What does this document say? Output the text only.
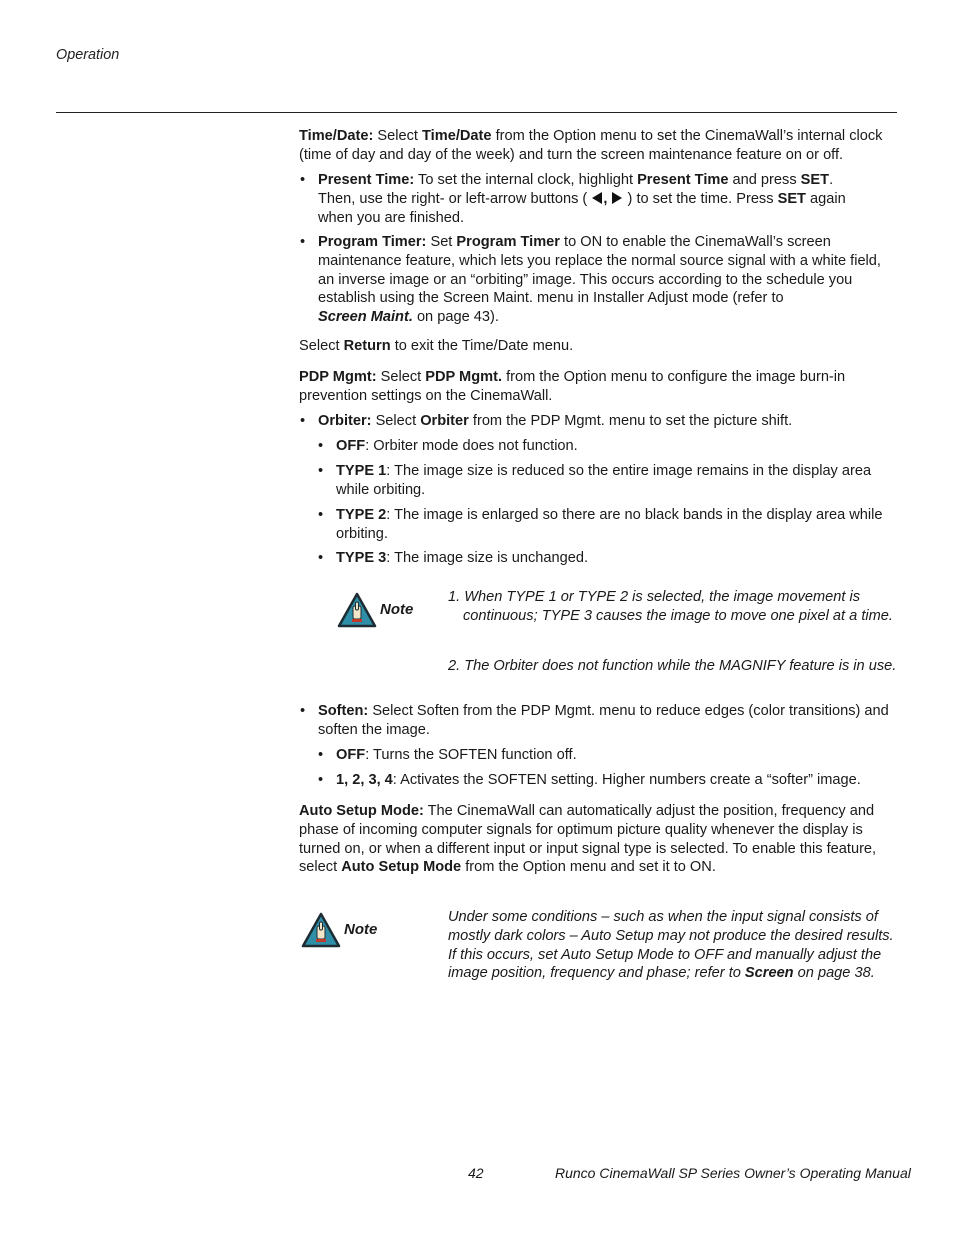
Operation
Time/Date: Select Time/Date from the Option menu to set the CinemaWall’s internal clock (time of day and day of the week) and turn the screen maintenance feature on or off.
• Present Time: To set the internal clock, highlight Present Time and press SET.
Then, use the right- or left-arrow buttons ( ,  ) to set the time. Press SET again
when you are finished.
• Program Timer: Set Program Timer to ON to enable the CinemaWall’s screen maintenance feature, which lets you replace the normal source signal with a white field, an inverse image or an “orbiting” image. This occurs according to the schedule you establish using the Screen Maint. menu in Installer Adjust mode (refer to
Screen Maint. on page 43).
Select Return to exit the Time/Date menu.
PDP Mgmt: Select PDP Mgmt. from the Option menu to configure the image burn-in prevention settings on the CinemaWall.
• Orbiter: Select Orbiter from the PDP Mgmt. menu to set the picture shift.
• OFF: Orbiter mode does not function.
• TYPE 1: The image size is reduced so the entire image remains in the display area while orbiting.
• TYPE 2: The image is enlarged so there are no black bands in the display area while orbiting.
• TYPE 3: The image size is unchanged.
Note
1. When TYPE 1 or TYPE 2 is selected, the image movement is continuous; TYPE 3 causes the image to move one pixel at a time.
2. The Orbiter does not function while the MAGNIFY feature is in use.
• Soften: Select Soften from the PDP Mgmt. menu to reduce edges (color transitions) and soften the image.
• OFF: Turns the SOFTEN function off.
• 1, 2, 3, 4: Activates the SOFTEN setting. Higher numbers create a “softer” image.
Auto Setup Mode: The CinemaWall can automatically adjust the position, frequency and phase of incoming computer signals for optimum picture quality whenever the display is turned on, or when a different input or input signal type is selected. To enable this feature, select Auto Setup Mode from the Option menu and set it to ON.
Note
Under some conditions – such as when the input signal consists of mostly dark colors – Auto Setup may not produce the desired results. If this occurs, set Auto Setup Mode to OFF and manually adjust the image position, frequency and phase; refer to Screen on page 38.
42	Runco CinemaWall SP Series Owner’s Operating Manual
